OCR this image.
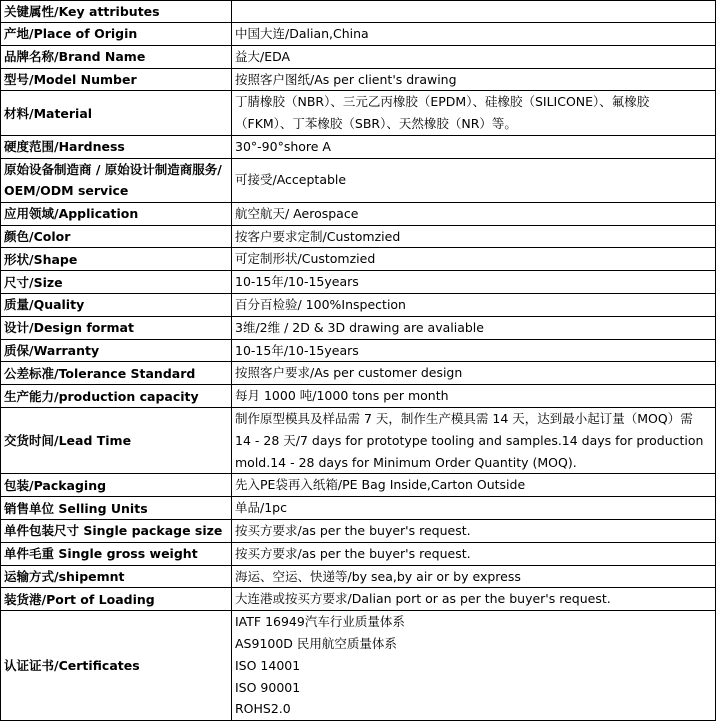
关键属性/Key attributes	

产地/Place of Origin	中国大连/Dalian,China

品牌名称/Brand Name	益大/EDA

型号/Model Number	按照客户图纸/As per client's drawing

材料/Material	丁腈橡胶（NBR）、三元乙丙橡胶（EPDM）、硅橡胶（SILICONE）、氟橡胶
（FKM）、丁苯橡胶（SBR）、天然橡胶（NR）等。

硬度范围/Hardness	30°-90°shore A

原始设备制造商 / 原始设计制造商服务/ OEM/ODM service	可接受/Acceptable

应用领域/Application	航空航天/ Aerospace

颜色/Color	按客户要求定制/Customzied

形状/Shape	可定制形状/Customzied

尺寸/Size	10-15年/10-15years

质量/Quality	百分百检验/ 100%Inspection

设计/Design format	3维/2维 / 2D & 3D drawing are avaliable

质保/Warranty	10-15年/10-15years

公差标准/Tolerance Standard	按照客户要求/As per customer design

生产能力/production capacity	每月 1000 吨/1000 tons per month

交货时间/Lead Time	制作原型模具及样品需 7 天，制作生产模具需 14 天，达到最小起订量（MOQ）需
14 - 28 天/7 days for prototype tooling and samples.14 days for production
mold.14 - 28 days for Minimum Order Quantity (MOQ).

包装/Packaging	先入PE袋再入纸箱/PE Bag Inside,Carton Outside

销售单位 Selling Units	单品/1pc

单件包装尺寸 Single package size	按买方要求/as per the buyer's request.

单件毛重 Single gross weight	按买方要求/as per the buyer's request.

运输方式/shipemnt	海运、空运、快递等/by sea,by air or by express

装货港/Port of Loading	大连港或按买方要求/Dalian port or as per the buyer's request.

认证证书/Certificates	IATF 16949汽车行业质量体系
AS9100D 民用航空质量体系
ISO 14001
ISO 90001
ROHS2.0
